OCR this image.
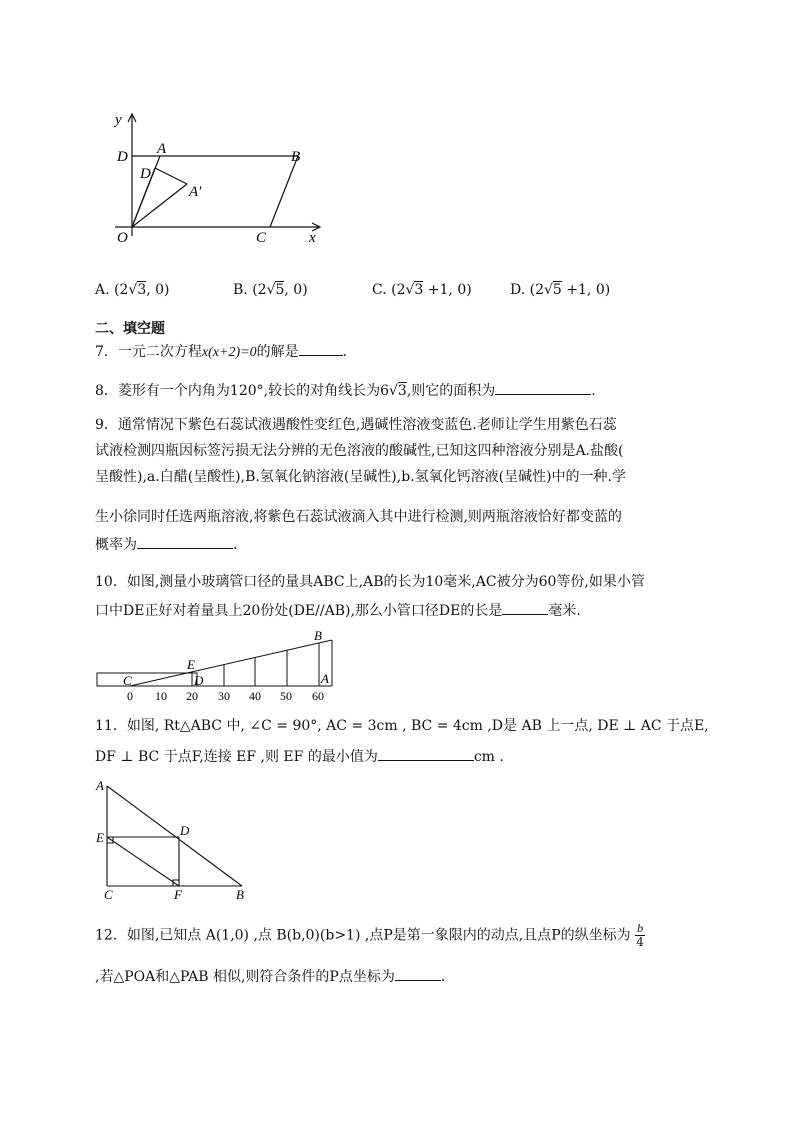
y
x
O
D A	B
C
D
A′
A. (2√3, 0)	B. (2√5, 0)	C. (2√3 +1, 0)	D. (2√5 +1, 0)
二、填空题
7．一元二次方程x(x+2)=0的解是	.
8．菱形有一个内角为120°,较长的对角线长为6√3,则它的面积为	.
9．通常情况下紫色石蕊试液遇酸性变红色,遇碱性溶液变蓝色.老师让学生用紫色石蕊
试液检测四瓶因标签污损无法分辨的无色溶液的酸碱性,已知这四种溶液分别是A.盐酸(
呈酸性),a.白醋(呈酸性),B.氢氧化钠溶液(呈碱性),b.氢氧化钙溶液(呈碱性)中的一种.学
生小徐同时任选两瓶溶液,将紫色石蕊试液滴入其中进行检测,则两瓶溶液恰好都变蓝的
概率为	.
10．如图,测量小玻璃管口径的量具ABC上,AB的长为10毫米,AC被分为60等份,如果小管
口中DE正好对着量具上20份处(DE//AB),那么小管口径DE的长是	毫米.
B
E
C	D	A
0 10 20 30 40 50 60
11．如图, Rt△ABC 中, ∠C = 90°, AC = 3cm , BC = 4cm ,D是 AB 上一点, DE ⊥ AC 于点E,
DF ⊥ BC 于点F,连接 EF ,则 EF 的最小值为	cm .
A
E	D
C	F	B
12．如图,已知点 A(1,0) ,点 B(b,0)(b>1) ,点P是第一象限内的动点,且点P的纵坐标为 $\frac{b}{4}$
,若△POA和△PAB 相似,则符合条件的P点坐标为	.
